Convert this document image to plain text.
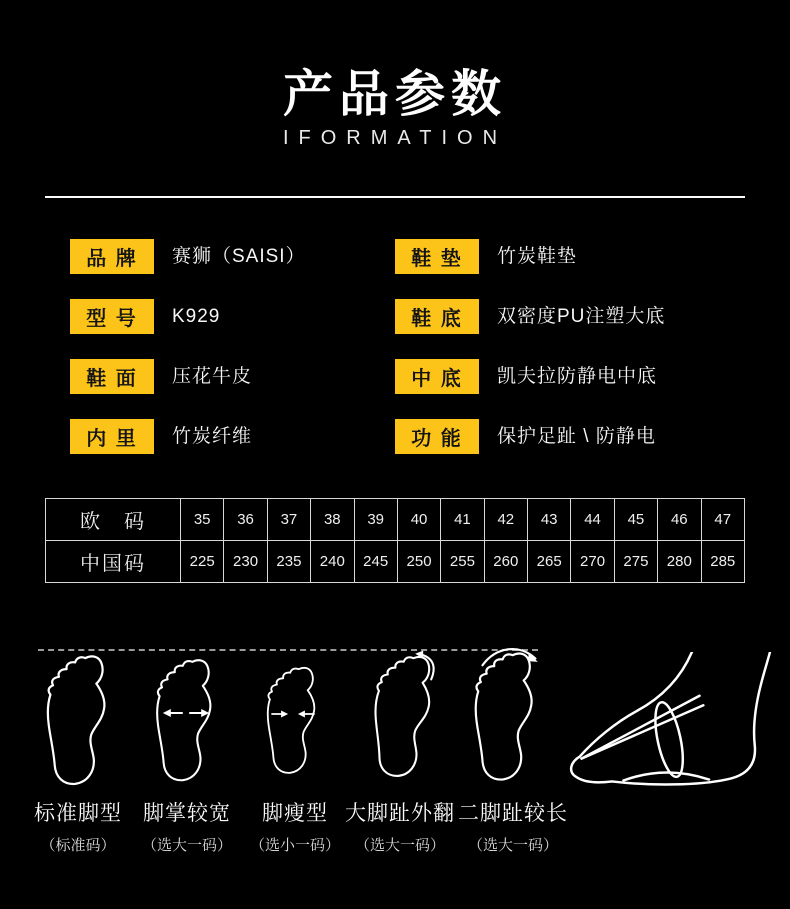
产品参数
IFORMATION
品 牌	赛狮（SAISI）	鞋 垫	竹炭鞋垫
型 号	K929	鞋 底	双密度PU注塑大底
鞋 面	压花牛皮	中 底	凯夫拉防静电中底
内 里	竹炭纤维	功 能	保护足趾 \ 防静电
欧　码	35	36	37	38	39	40	41	42	43	44	45	46	47
中国码	225	230	235	240	245	250	255	260	265	270	275	280	285
标准脚型
（标准码）
脚掌较宽
（选大一码）
脚瘦型
（选小一码）
大脚趾外翻
（选大一码）
二脚趾较长
（选大一码）
